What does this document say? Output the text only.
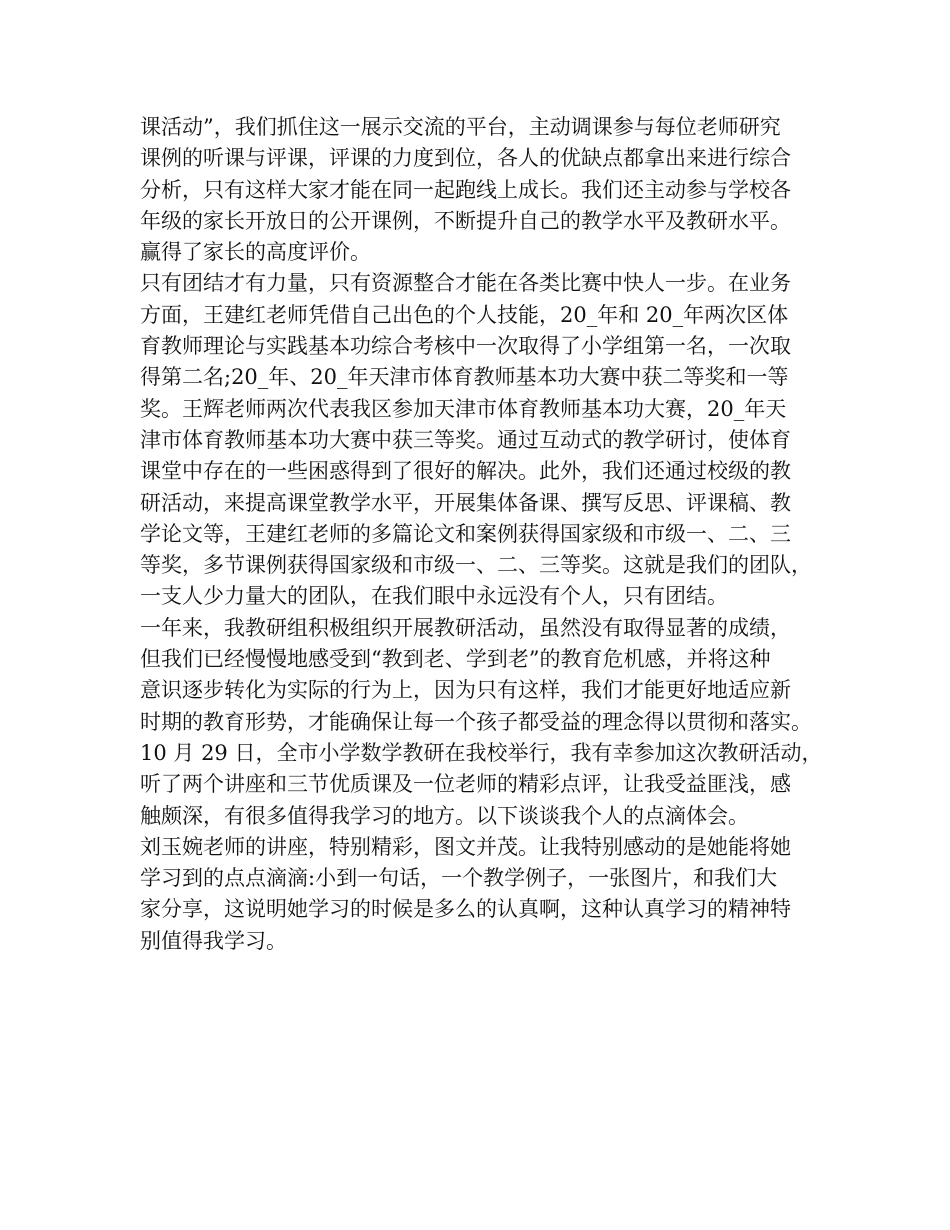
课活动”，我们抓住这一展示交流的平台，主动调课参与每位老师研究
课例的听课与评课，评课的力度到位，各人的优缺点都拿出来进行综合
分析，只有这样大家才能在同一起跑线上成长。我们还主动参与学校各
年级的家长开放日的公开课例，不断提升自己的教学水平及教研水平。
赢得了家长的高度评价。
只有团结才有力量，只有资源整合才能在各类比赛中快人一步。在业务
方面，王建红老师凭借自己出色的个人技能，20_年和 20_年两次区体
育教师理论与实践基本功综合考核中一次取得了小学组第一名，一次取
得第二名;20_年、20_年天津市体育教师基本功大赛中获二等奖和一等
奖。王辉老师两次代表我区参加天津市体育教师基本功大赛，20_年天
津市体育教师基本功大赛中获三等奖。通过互动式的教学研讨，使体育
课堂中存在的一些困惑得到了很好的解决。此外，我们还通过校级的教
研活动，来提高课堂教学水平，开展集体备课、撰写反思、评课稿、教
学论文等，王建红老师的多篇论文和案例获得国家级和市级一、二、三
等奖，多节课例获得国家级和市级一、二、三等奖。这就是我们的团队，
一支人少力量大的团队，在我们眼中永远没有个人，只有团结。
一年来，我教研组积极组织开展教研活动，虽然没有取得显著的成绩，
但我们已经慢慢地感受到“教到老、学到老”的教育危机感，并将这种
意识逐步转化为实际的行为上，因为只有这样，我们才能更好地适应新
时期的教育形势，才能确保让每一个孩子都受益的理念得以贯彻和落实。
10 月 29 日，全市小学数学教研在我校举行，我有幸参加这次教研活动，
听了两个讲座和三节优质课及一位老师的精彩点评，让我受益匪浅，感
触颇深，有很多值得我学习的地方。以下谈谈我个人的点滴体会。
刘玉婉老师的讲座，特别精彩，图文并茂。让我特别感动的是她能将她
学习到的点点滴滴:小到一句话，一个教学例子，一张图片，和我们大
家分享，这说明她学习的时候是多么的认真啊，这种认真学习的精神特
别值得我学习。
